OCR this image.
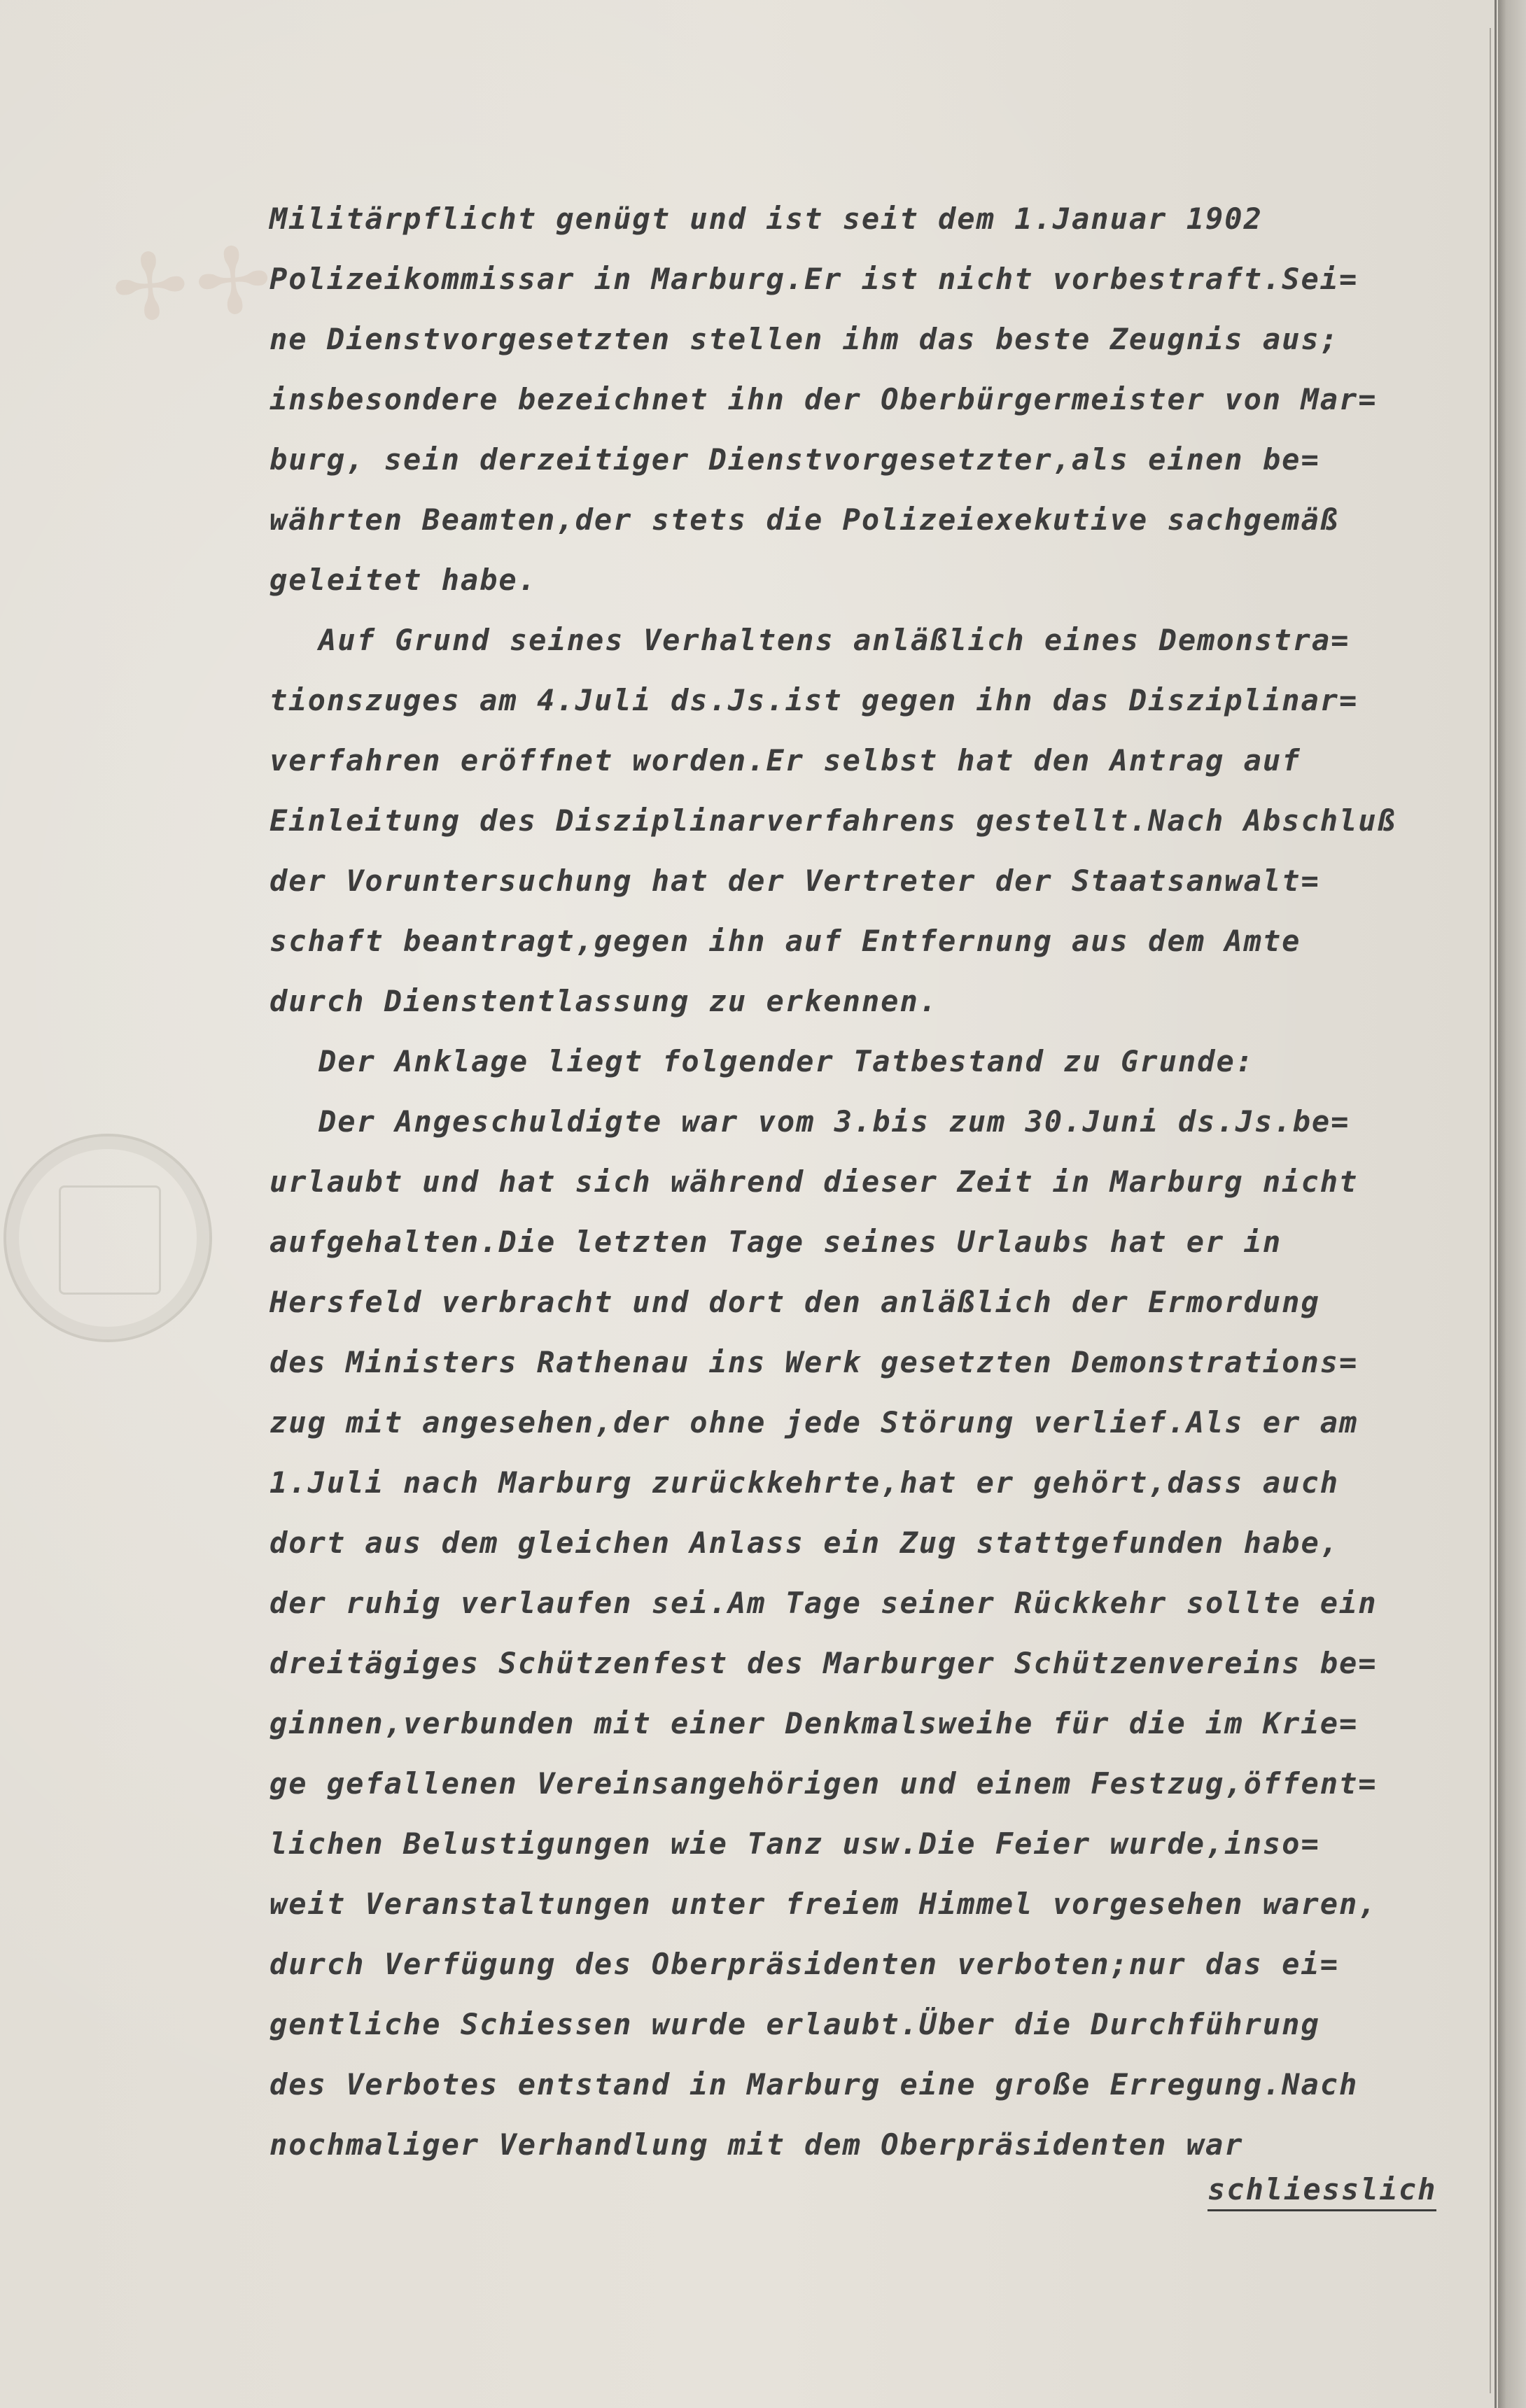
✢✢
Militärpflicht genügt und ist seit dem 1.Januar 1902
Polizeikommissar in Marburg.Er ist nicht vorbestraft.Sei=
ne Dienstvorgesetzten stellen ihm das beste Zeugnis aus;
insbesondere bezeichnet ihn der Oberbürgermeister von Mar=
burg, sein derzeitiger Dienstvorgesetzter,als einen be=
währten Beamten,der stets die Polizeiexekutive sachgemäß
geleitet habe.
Auf Grund seines Verhaltens anläßlich eines Demonstra=
tionszuges am 4.Juli ds.Js.ist gegen ihn das Disziplinar=
verfahren eröffnet worden.Er selbst hat den Antrag auf
Einleitung des Disziplinarverfahrens gestellt.Nach Abschluß
der Voruntersuchung hat der Vertreter der Staatsanwalt=
schaft beantragt,gegen ihn auf Entfernung aus dem Amte
durch Dienstentlassung zu erkennen.
Der Anklage liegt folgender Tatbestand zu Grunde:
Der Angeschuldigte war vom 3.bis zum 30.Juni ds.Js.be=
urlaubt und hat sich während dieser Zeit in Marburg nicht
aufgehalten.Die letzten Tage seines Urlaubs hat er in
Hersfeld verbracht und dort den anläßlich der Ermordung
des Ministers Rathenau ins Werk gesetzten Demonstrations=
zug mit angesehen,der ohne jede Störung verlief.Als er am
1.Juli nach Marburg zurückkehrte,hat er gehört,dass auch
dort aus dem gleichen Anlass ein Zug stattgefunden habe,
der ruhig verlaufen sei.Am Tage seiner Rückkehr sollte ein
dreitägiges Schützenfest des Marburger Schützenvereins be=
ginnen,verbunden mit einer Denkmalsweihe für die im Krie=
ge gefallenen Vereinsangehörigen und einem Festzug,öffent=
lichen Belustigungen wie Tanz usw.Die Feier wurde,inso=
weit Veranstaltungen unter freiem Himmel vorgesehen waren,
durch Verfügung des Oberpräsidenten verboten;nur das ei=
gentliche Schiessen wurde erlaubt.Über die Durchführung
des Verbotes entstand in Marburg eine große Erregung.Nach
nochmaliger Verhandlung mit dem Oberpräsidenten war
schliesslich
